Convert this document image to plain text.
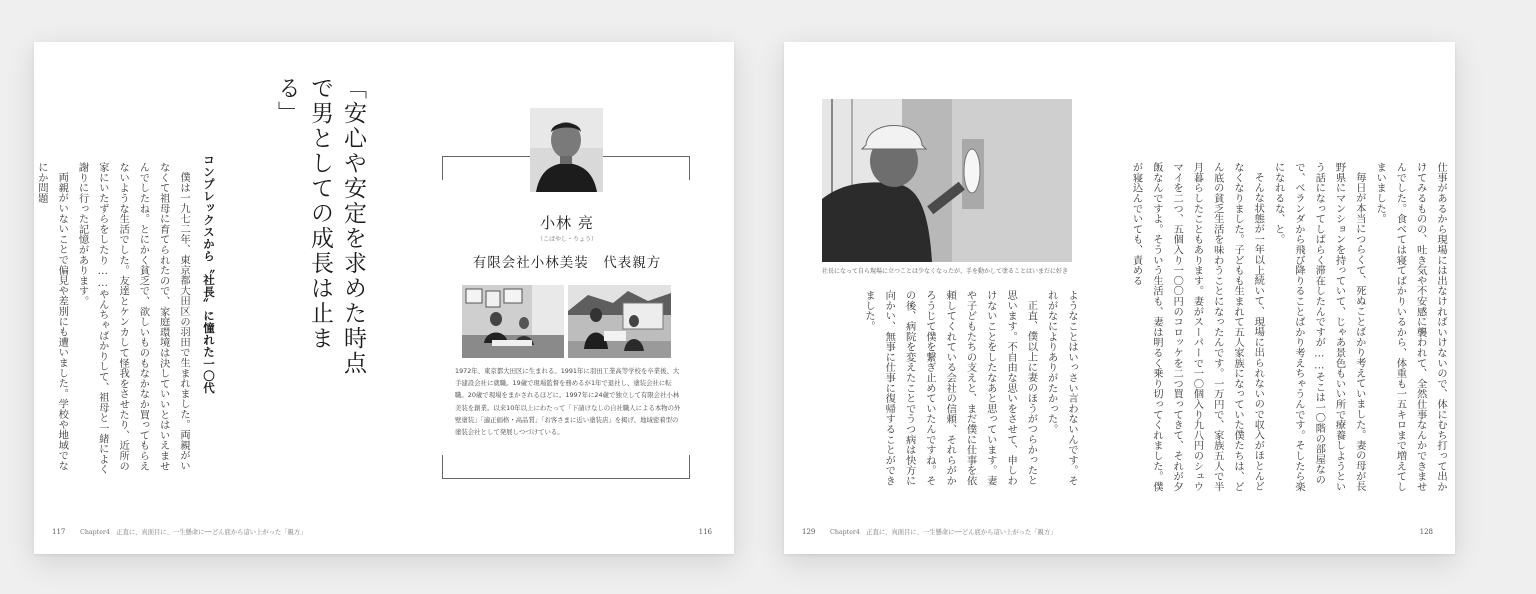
「安心や安定を求めた時点で男としての成長は止まる」
コンプレックスから〝社長〟に憧れた一〇代

僕は一九七二年、東京都大田区の羽田で生まれました。両親がいなくて祖母に育てられたので、家庭環境は決していいとはいえませんでしたね。とにかく貧乏で、欲しいものもなかなか買ってもらえないような生活でした。友達とケンカして怪我をさせたり、近所の家にいたずらをしたり……やんちゃばかりして、祖母と一緒によく謝りに行った記憶があります。

両親がいないことで偏見や差別にも遭いました。学校や地域でなにか問題

小林 亮
（こばやし・りょう）
有限会社小林美装　代表親方

1972年、東京都大田区に生まれる。1991年に羽田工業高等学校を卒業後、大手建設会社に就職。19歳で現場監督を務めるが1年で退社し、塗装会社に転職。20歳で現場をまかされるほどに。1997年に24歳で独立して有限会社小林美装を創業。以来10年以上にわたって「下請けなしの自社職人による本物の外壁塗装」「適正価格・高品質」「お客さまに近い塗装店」を掲げ、地域密着型の塗装会社として発展しつづけている。

117 Chapter4　正直に、真面目に、一生懸命に──どん底から這い上がった「親方」	116
社長になって自ら現場に立つことは少なくなったが、手を動かして塗ることはいまだに好き

ようなことはいっさい言わないんです。それがなによりありがたかった。

正直、僕以上に妻のほうがつらかったと思います。不自由な思いをさせて、申しわけないことをしたなあと思っています。妻や子どもたちの支えと、まだ僕に仕事を依頼してくれている会社の信頼、それらがかろうじて僕を繋ぎ止めていたんですね。その後、病院を変えたことでうつ病は快方に向かい、無事に仕事に復帰することができました。	仕事があるから現場には出なければいけないので、体にむち打って出かけてみるものの、吐き気や不安感に襲われて、全然仕事なんかできませんでした。食べては寝てばかりいるから、体重も一五キロまで増えてしまいました。

毎日が本当につらくて、死ぬことばかり考えていました。妻の母が長野県にマンションを持っていて、じゃあ景色もいい所で療養しようという話になってしばらく滞在したんですが……そこは一〇階の部屋なので、ベランダから飛び降りることばかり考えちゃうんです。そしたら楽になれるな、と。

そんな状態が一年以上続いて、現場に出られないので収入がほとんどなくなりました。子どもも生まれて五人家族になっていた僕たちは、どん底の貧乏生活を味わうことになったんです。一万円で、家族五人で半月暮らしたこともあります。妻がスーパーで一〇個入り九八円のシュウマイを二つ、五個入り一〇〇円のコロッケを二つ買ってきて、それが夕飯なんですよ。そういう生活も、妻は明るく乗り切ってくれました。僕が寝込んでいても、責める

129 Chapter4　正直に、真面目に、一生懸命に──どん底から這い上がった「親方」	128
